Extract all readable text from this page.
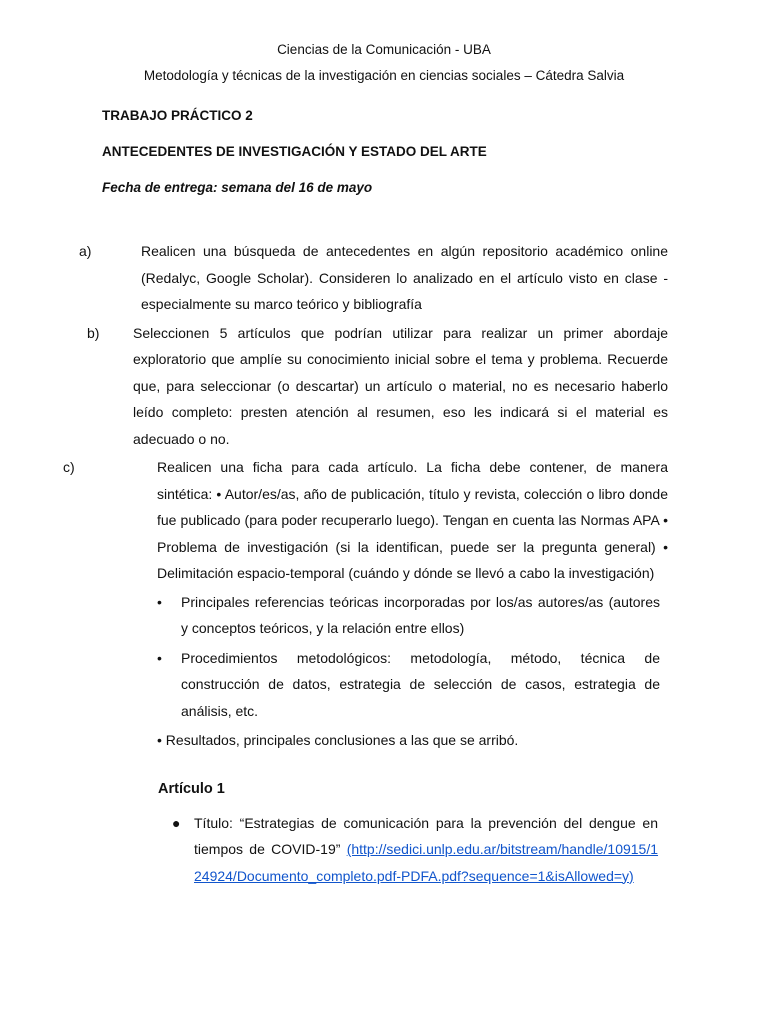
Ciencias de la Comunicación - UBA

Metodología y técnicas de la investigación en ciencias sociales – Cátedra Salvia

TRABAJO PRÁCTICO 2

ANTECEDENTES DE INVESTIGACIÓN Y ESTADO DEL ARTE

Fecha de entrega: semana del 16 de mayo

a)	Realicen una búsqueda de antecedentes en algún repositorio académico online (Redalyc, Google Scholar). Consideren lo analizado en el artículo visto en clase - especialmente su marco teórico y bibliografía
b) Seleccionen 5 artículos que podrían utilizar para realizar un primer abordaje exploratorio que amplíe su conocimiento inicial sobre el tema y problema. Recuerde que, para seleccionar (o descartar) un artículo o material, no es necesario haberlo leído completo: presten atención al resumen, eso les indicará si el material es adecuado o no.
c)	Realicen una ficha para cada artículo. La ficha debe contener, de manera sintética: • Autor/es/as, año de publicación, título y revista, colección o libro donde fue publicado (para poder recuperarlo luego). Tengan en cuenta las Normas APA • Problema de investigación (si la identifican, puede ser la pregunta general) • Delimitación espacio-temporal (cuándo y dónde se llevó a cabo la investigación)
• Principales referencias teóricas incorporadas por los/as autores/as (autores y conceptos teóricos, y la relación entre ellos)
• Procedimientos metodológicos: metodología, método, técnica de construcción de datos, estrategia de selección de casos, estrategia de análisis, etc.
• Resultados, principales conclusiones a las que se arribó.
Artículo 1
● Título: “Estrategias de comunicación para la prevención del dengue en tiempos de COVID-19” (http://sedici.unlp.edu.ar/bitstream/handle/10915/124924/Documento_completo.pdf-PDFA.pdf?sequence=1&isAllowed=y)
